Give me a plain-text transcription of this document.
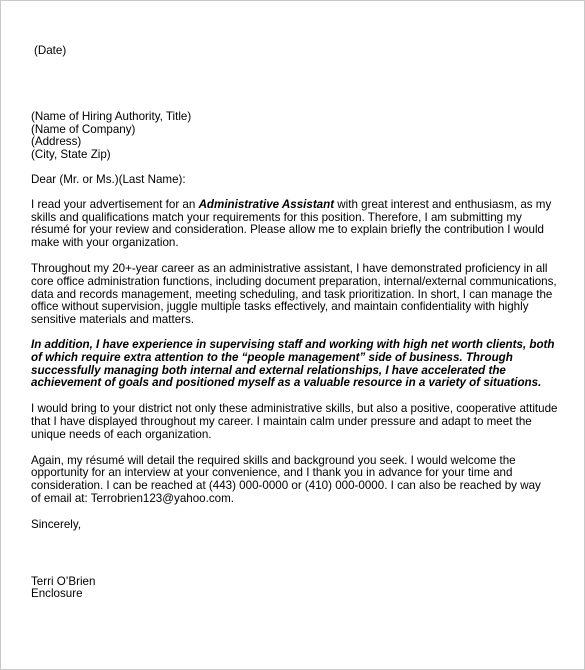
(Date)
(Name of Hiring Authority, Title)
(Name of Company)
(Address)
(City, State Zip)
Dear (Mr. or Ms.)(Last Name):
I read your advertisement for an Administrative Assistant with great interest and enthusiasm, as my
skills and qualifications match your requirements for this position. Therefore, I am submitting my
résumé for your review and consideration. Please allow me to explain briefly the contribution I would
make with your organization.
Throughout my 20+-year career as an administrative assistant, I have demonstrated proficiency in all
core office administration functions, including document preparation, internal/external communications,
data and records management, meeting scheduling, and task prioritization. In short, I can manage the
office without supervision, juggle multiple tasks effectively, and maintain confidentiality with highly
sensitive materials and matters.
In addition, I have experience in supervising staff and working with high net worth clients, both
of which require extra attention to the “people management” side of business. Through
successfully managing both internal and external relationships, I have accelerated the
achievement of goals and positioned myself as a valuable resource in a variety of situations.
I would bring to your district not only these administrative skills, but also a positive, cooperative attitude
that I have displayed throughout my career. I maintain calm under pressure and adapt to meet the
unique needs of each organization.
Again, my résumé will detail the required skills and background you seek. I would welcome the
opportunity for an interview at your convenience, and I thank you in advance for your time and
consideration. I can be reached at (443) 000-0000 or (410) 000-0000. I can also be reached by way
of email at: Terrobrien123@yahoo.com.
Sincerely,
Terri O’Brien
Enclosure
